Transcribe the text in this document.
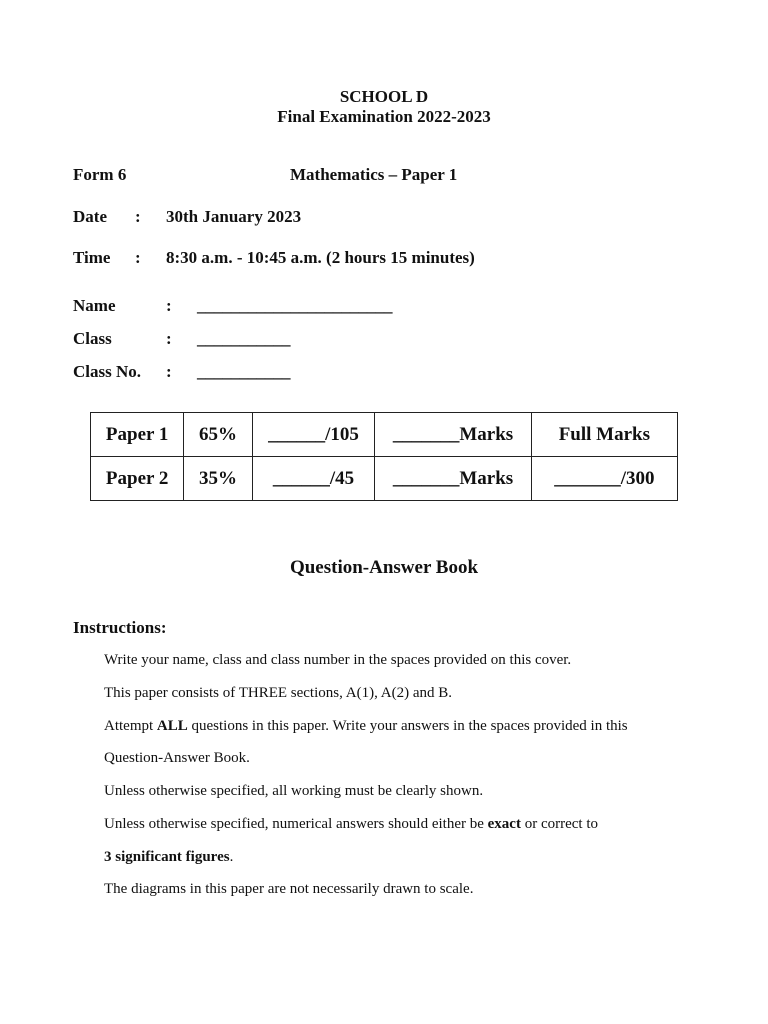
SCHOOL D
Final Examination 2022-2023
Form 6	Mathematics – Paper 1
Date : 30th January 2023
Time : 8:30 a.m. - 10:45 a.m. (2 hours 15 minutes)
Name	: _______________________
Class	: ___________
Class No. : ___________
Paper 1	65%	______/105	_______Marks	Full Marks
Paper 2	35%	______/45	_______Marks	_______/300
Question-Answer Book
Instructions:
Write your name, class and class number in the spaces provided on this cover.
This paper consists of THREE sections, A(1), A(2) and B.
Attempt ALL questions in this paper. Write your answers in the spaces provided in this
Question-Answer Book.
Unless otherwise specified, all working must be clearly shown.
Unless otherwise specified, numerical answers should either be exact or correct to
3 significant figures.
The diagrams in this paper are not necessarily drawn to scale.
